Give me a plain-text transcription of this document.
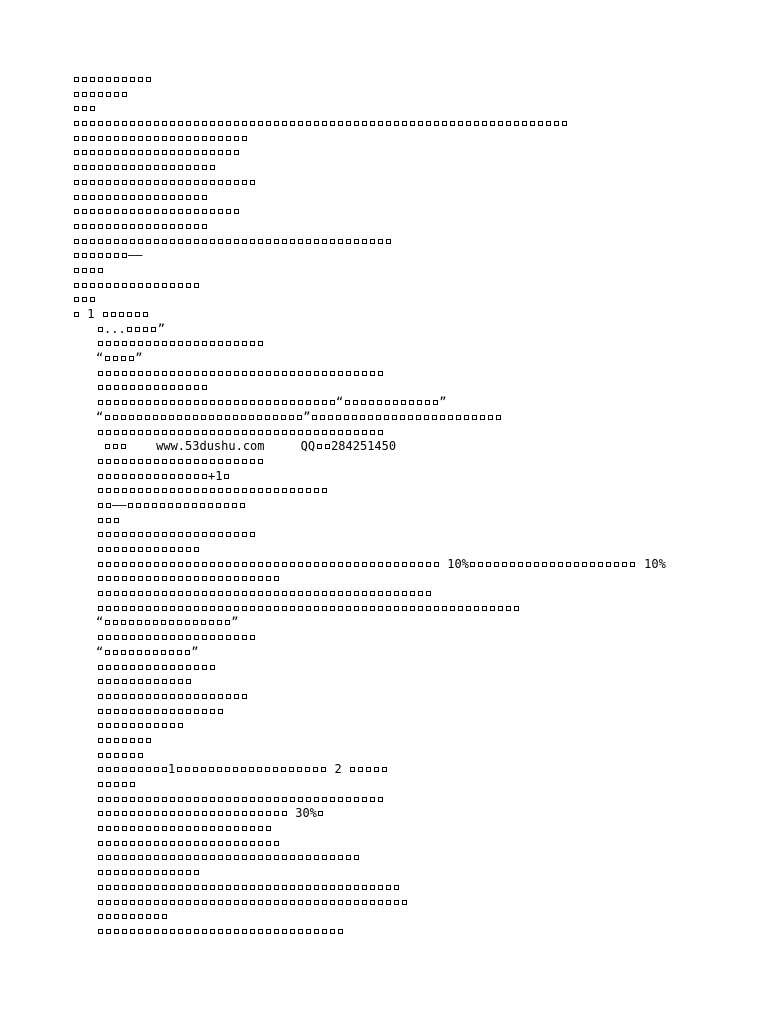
——
1
...	”
“	”
“	”
“	”
www.53dushu.com     QQ 284251450
+1
——
10%	10%
“	”
“	”
1	2
30%
